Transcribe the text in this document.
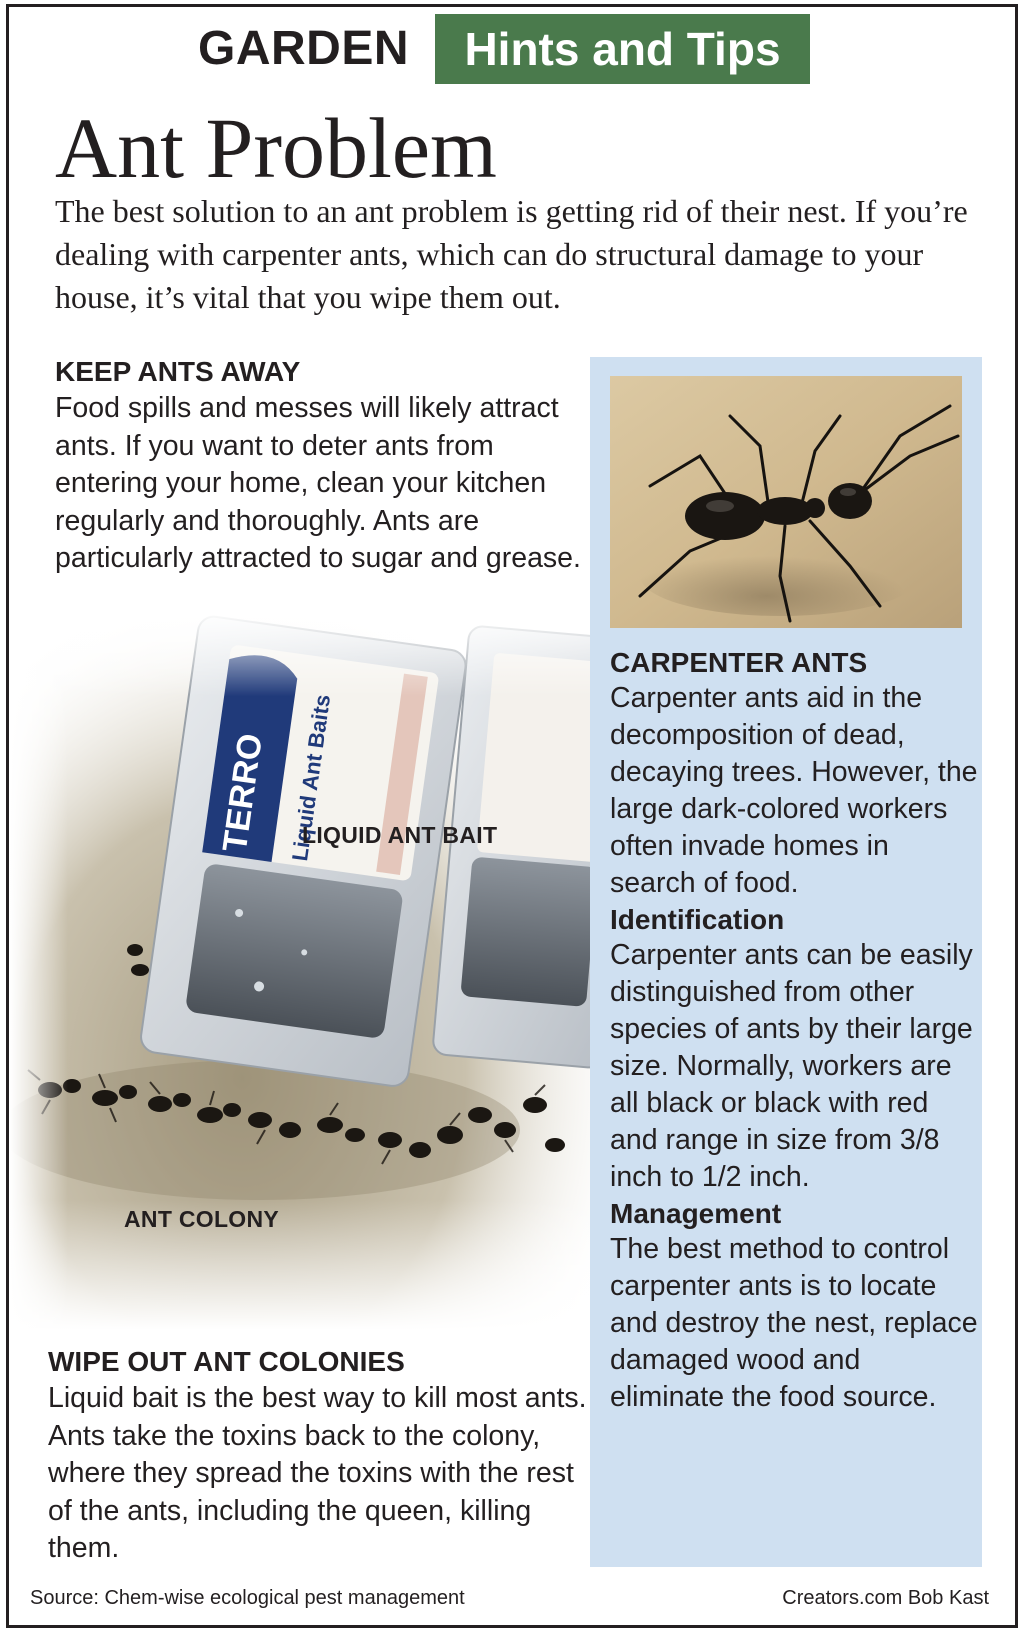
GARDEN	Hints and Tips
Ant Problem
The best solution to an ant problem is getting rid of their nest. If you’re dealing with carpenter ants, which can do structural damage to your house, it’s vital that you wipe them out.
KEEP ANTS AWAY
Food spills and messes will likely attract ants. If you want to deter ants from entering your home, clean your kitchen regularly and thoroughly. Ants are particularly attracted to sugar and grease.
LIQUID ANT BAIT
ANT COLONY
WIPE OUT ANT COLONIES
Liquid bait is the best way to kill most ants. Ants take the toxins back to the colony, where they spread the toxins with the rest of the ants, including the queen, killing them.
CARPENTER ANTS
Carpenter ants aid in the decomposition of dead, decaying trees. However, the large dark-colored workers often invade homes in search of food.
Identification
Carpenter ants can be easily distinguished from other species of ants by their large size. Normally, workers are all black or black with red and range in size from 3/8 inch to 1/2 inch.
Management
The best method to control carpenter ants is to locate and destroy the nest, replace damaged wood and eliminate the food source.
Source: Chem-wise ecological pest management	Creators.com Bob Kast
